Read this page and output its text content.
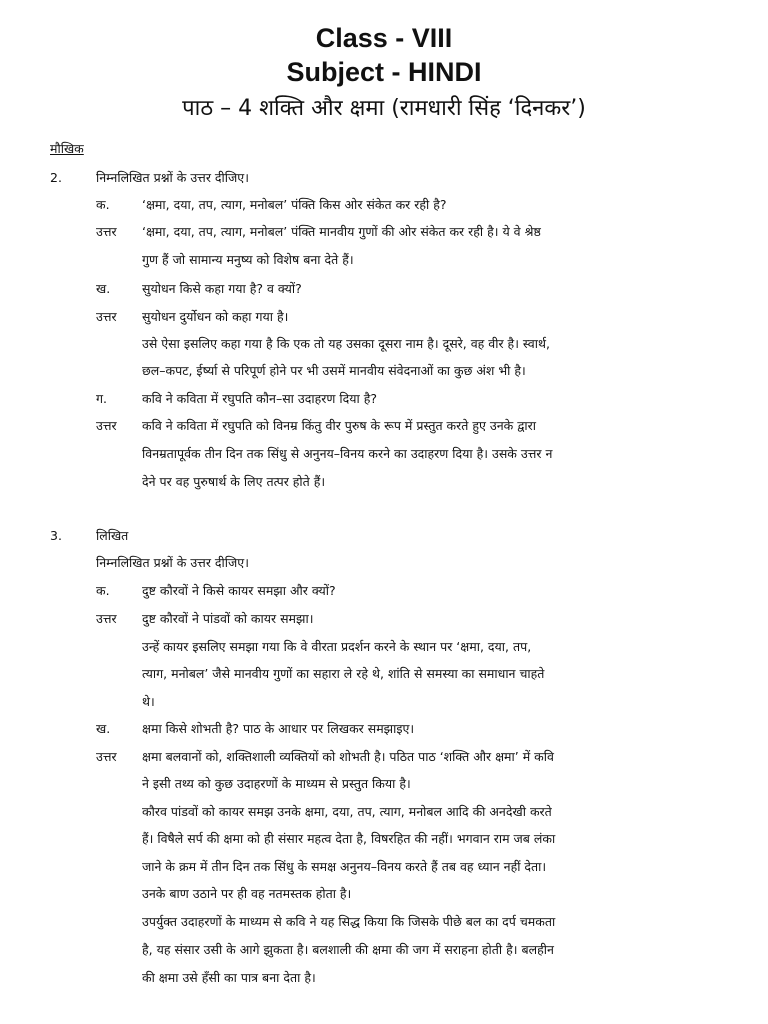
Class - VIII
Subject - HINDI
पाठ – 4 शक्ति और क्षमा (रामधारी सिंह ‘दिनकर’)
मौखिक
2.	निम्नलिखित प्रश्नों के उत्तर दीजिए।
क.	‘क्षमा, दया, तप, त्याग, मनोबल’ पंक्ति किस ओर संकेत कर रही है?
उत्तर ‘क्षमा, दया, तप, त्याग, मनोबल’ पंक्ति मानवीय गुणों की ओर संकेत कर रही है। ये वे श्रेष्ठ
गुण हैं जो सामान्य मनुष्य को विशेष बना देते हैं।
ख.	सुयोधन किसे कहा गया है? व क्यों?
उत्तर सुयोधन दुर्योधन को कहा गया है।
उसे ऐसा इसलिए कहा गया है कि एक तो यह उसका दूसरा नाम है। दूसरे, वह वीर है। स्वार्थ,
छल–कपट, ईर्ष्या से परिपूर्ण होने पर भी उसमें मानवीय संवेदनाओं का कुछ अंश भी है।
ग.	कवि ने कविता में रघुपति कौन–सा उदाहरण दिया है?
उत्तर कवि ने कविता में रघुपति को विनम्र किंतु वीर पुरुष के रूप में प्रस्तुत करते हुए उनके द्वारा
विनम्रतापूर्वक तीन दिन तक सिंधु से अनुनय–विनय करने का उदाहरण दिया है। उसके उत्तर न
देने पर वह पुरुषार्थ के लिए तत्पर होते हैं।
3.	लिखित
निम्नलिखित प्रश्नों के उत्तर दीजिए।
क.	दुष्ट कौरवों ने किसे कायर समझा और क्यों?
उत्तर दुष्ट कौरवों ने पांडवों को कायर समझा।
उन्हें कायर इसलिए समझा गया कि वे वीरता प्रदर्शन करने के स्थान पर ‘क्षमा, दया, तप,
त्याग, मनोबल’ जैसे मानवीय गुणों का सहारा ले रहे थे, शांति से समस्या का समाधान चाहते
थे।
ख.	क्षमा किसे शोभती है? पाठ के आधार पर लिखकर समझाइए।
उत्तर क्षमा बलवानों को, शक्तिशाली व्यक्तियों को शोभती है। पठित पाठ ‘शक्ति और क्षमा’ में कवि
ने इसी तथ्य को कुछ उदाहरणों के माध्यम से प्रस्तुत किया है।
कौरव पांडवों को कायर समझ उनके क्षमा, दया, तप, त्याग, मनोबल आदि की अनदेखी करते
हैं। विषैले सर्प की क्षमा को ही संसार महत्व देता है, विषरहित की नहीं। भगवान राम जब लंका
जाने के क्रम में तीन दिन तक सिंधु के समक्ष अनुनय–विनय करते हैं तब वह ध्यान नहीं देता।
उनके बाण उठाने पर ही वह नतमस्तक होता है।
उपर्युक्त उदाहरणों के माध्यम से कवि ने यह सिद्ध किया कि जिसके पीछे बल का दर्प चमकता
है, यह संसार उसी के आगे झुकता है। बलशाली की क्षमा की जग में सराहना होती है। बलहीन
की क्षमा उसे हँसी का पात्र बना देता है।
